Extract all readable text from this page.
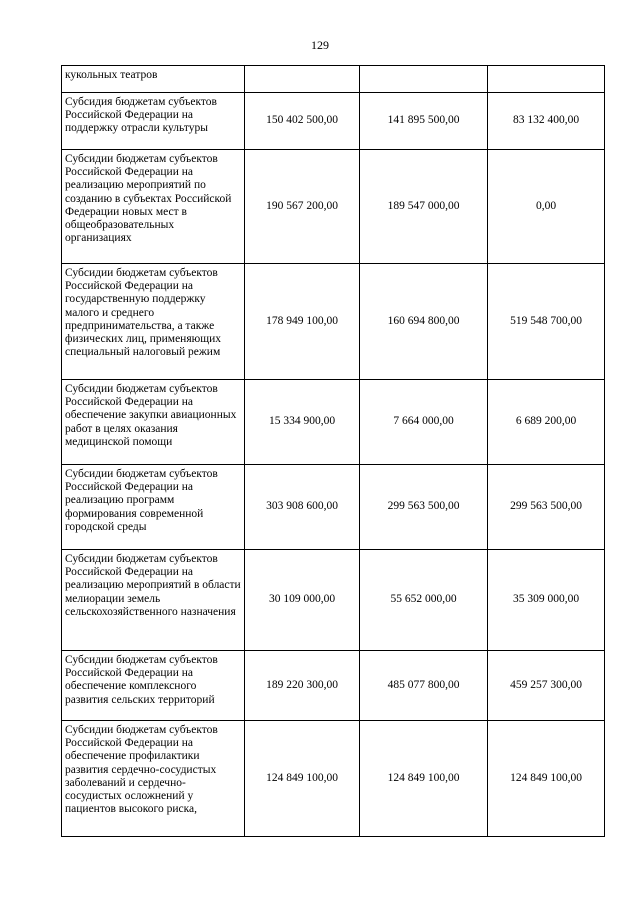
129
кукольных театров			
Субсидия бюджетам субъектов Российской Федерации на поддержку отрасли культуры	150 402 500,00	141 895 500,00	83 132 400,00
Субсидии бюджетам субъектов Российской Федерации на реализацию мероприятий по созданию в субъектах Российской Федерации новых мест в общеобразовательных организациях	190 567 200,00	189 547 000,00	0,00
Субсидии бюджетам субъектов Российской Федерации на государственную поддержку малого и среднего предпринимательства, а также физических лиц, применяющих специальный налоговый режим	178 949 100,00	160 694 800,00	519 548 700,00
Субсидии бюджетам субъектов Российской Федерации на обеспечение закупки авиационных работ в целях оказания медицинской помощи	15 334 900,00	7 664 000,00	6 689 200,00
Субсидии бюджетам субъектов Российской Федерации на реализацию программ формирования современной городской среды	303 908 600,00	299 563 500,00	299 563 500,00
Субсидии бюджетам субъектов Российской Федерации на реализацию мероприятий в области мелиорации земель сельскохозяйственного назначения	30 109 000,00	55 652 000,00	35 309 000,00
Субсидии бюджетам субъектов Российской Федерации на обеспечение комплексного развития сельских территорий	189 220 300,00	485 077 800,00	459 257 300,00
Субсидии бюджетам субъектов Российской Федерации на обеспечение профилактики развития сердечно-сосудистых заболеваний и сердечно-сосудистых осложнений у пациентов высокого риска,	124 849 100,00	124 849 100,00	124 849 100,00
